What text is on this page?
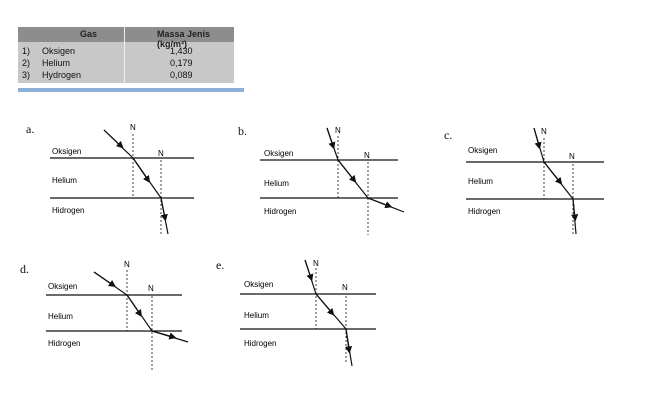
Gas	Massa Jenis (kg/m³)
1) Oksigen	1,430
2) Helium	0,179
3) Hydrogen	0,089
a.	N
N
Oksigen
Helium
Hidrogen
b.	N
N
Oksigen
Helium
Hidrogen
c.	N
N
Oksigen
Helium
Hidrogen
d.	N
N
Oksigen
Helium
Hidrogen
e.	N
N
Oksigen
Helium
Hidrogen
